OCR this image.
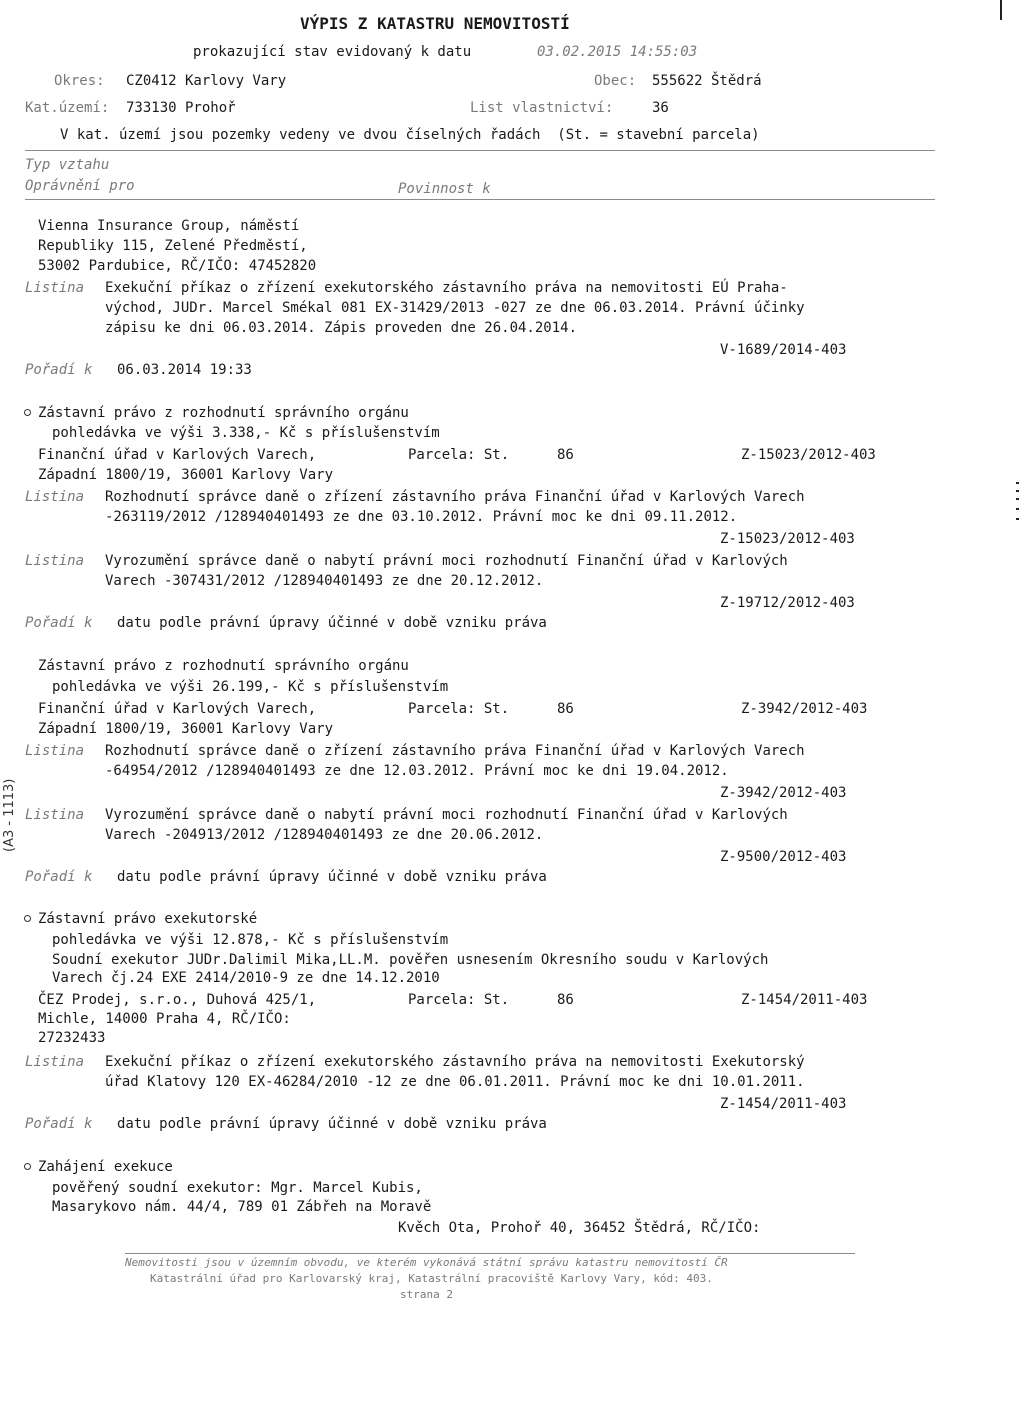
VÝPIS Z KATASTRU NEMOVITOSTÍ
prokazující stav evidovaný k datu	03.02.2015 14:55:03
Okres: CZ0412 Karlovy Vary	Obec: 555622 Štědrá
Kat.území: 733130 Prohoř	List vlastnictví:	36
V kat. území jsou pozemky vedeny ve dvou číselných řadách  (St. = stavební parcela)
Typ vztahu
Oprávnění pro	Povinnost k
Vienna Insurance Group, náměstí
Republiky 115, Zelené Předměstí,
53002 Pardubice, RČ/IČO: 47452820
Listina Exekuční příkaz o zřízení exekutorského zástavního práva na nemovitosti EÚ Praha-
východ, JUDr. Marcel Smékal 081 EX-31429/2013 -027 ze dne 06.03.2014. Právní účinky
zápisu ke dni 06.03.2014. Zápis proveden dne 26.04.2014.
V-1689/2014-403
Pořadí k 06.03.2014 19:33
Zástavní právo z rozhodnutí správního orgánu
pohledávka ve výši 3.338,- Kč s příslušenstvím
Finanční úřad v Karlových Varech,
Západní 1800/19, 36001 Karlovy Vary
Parcela: St.	86	Z-15023/2012-403
Listina Rozhodnutí správce daně o zřízení zástavního práva Finanční úřad v Karlových Varech
-263119/2012 /128940401493 ze dne 03.10.2012. Právní moc ke dni 09.11.2012.
Z-15023/2012-403
Listina Vyrozumění správce daně o nabytí právní moci rozhodnutí Finanční úřad v Karlových
Varech -307431/2012 /128940401493 ze dne 20.12.2012.
Z-19712/2012-403
Pořadí k datu podle právní úpravy účinné v době vzniku práva
Zástavní právo z rozhodnutí správního orgánu
pohledávka ve výši 26.199,- Kč s příslušenstvím
Finanční úřad v Karlových Varech,
Západní 1800/19, 36001 Karlovy Vary
Parcela: St.	86	Z-3942/2012-403
Listina Rozhodnutí správce daně o zřízení zástavního práva Finanční úřad v Karlových Varech
-64954/2012 /128940401493 ze dne 12.03.2012. Právní moc ke dni 19.04.2012.
Z-3942/2012-403
Listina Vyrozumění správce daně o nabytí právní moci rozhodnutí Finanční úřad v Karlových
Varech -204913/2012 /128940401493 ze dne 20.06.2012.
Z-9500/2012-403
Pořadí k datu podle právní úpravy účinné v době vzniku práva
Zástavní právo exekutorské
pohledávka ve výši 12.878,- Kč s příslušenstvím
Soudní exekutor JUDr.Dalimil Mika,LL.M. pověřen usnesením Okresního soudu v Karlových
Varech čj.24 EXE 2414/2010-9 ze dne 14.12.2010
ČEZ Prodej, s.r.o., Duhová 425/1,
Michle, 14000 Praha 4, RČ/IČO:
27232433
Parcela: St.	86	Z-1454/2011-403
Listina Exekuční příkaz o zřízení exekutorského zástavního práva na nemovitosti Exekutorský
úřad Klatovy 120 EX-46284/2010 -12 ze dne 06.01.2011. Právní moc ke dni 10.01.2011.
Z-1454/2011-403
Pořadí k datu podle právní úpravy účinné v době vzniku práva
Zahájení exekuce
pověřený soudní exekutor: Mgr. Marcel Kubis,
Masarykovo nám. 44/4, 789 01 Zábřeh na Moravě
Kvěch Ota, Prohoř 40, 36452 Štědrá, RČ/IČO:
Nemovitosti jsou v územním obvodu, ve kterém vykonává státní správu katastru nemovitostí ČR
Katastrální úřad pro Karlovarský kraj, Katastrální pracoviště Karlovy Vary, kód: 403.
strana 2
(A3 - 1113)
